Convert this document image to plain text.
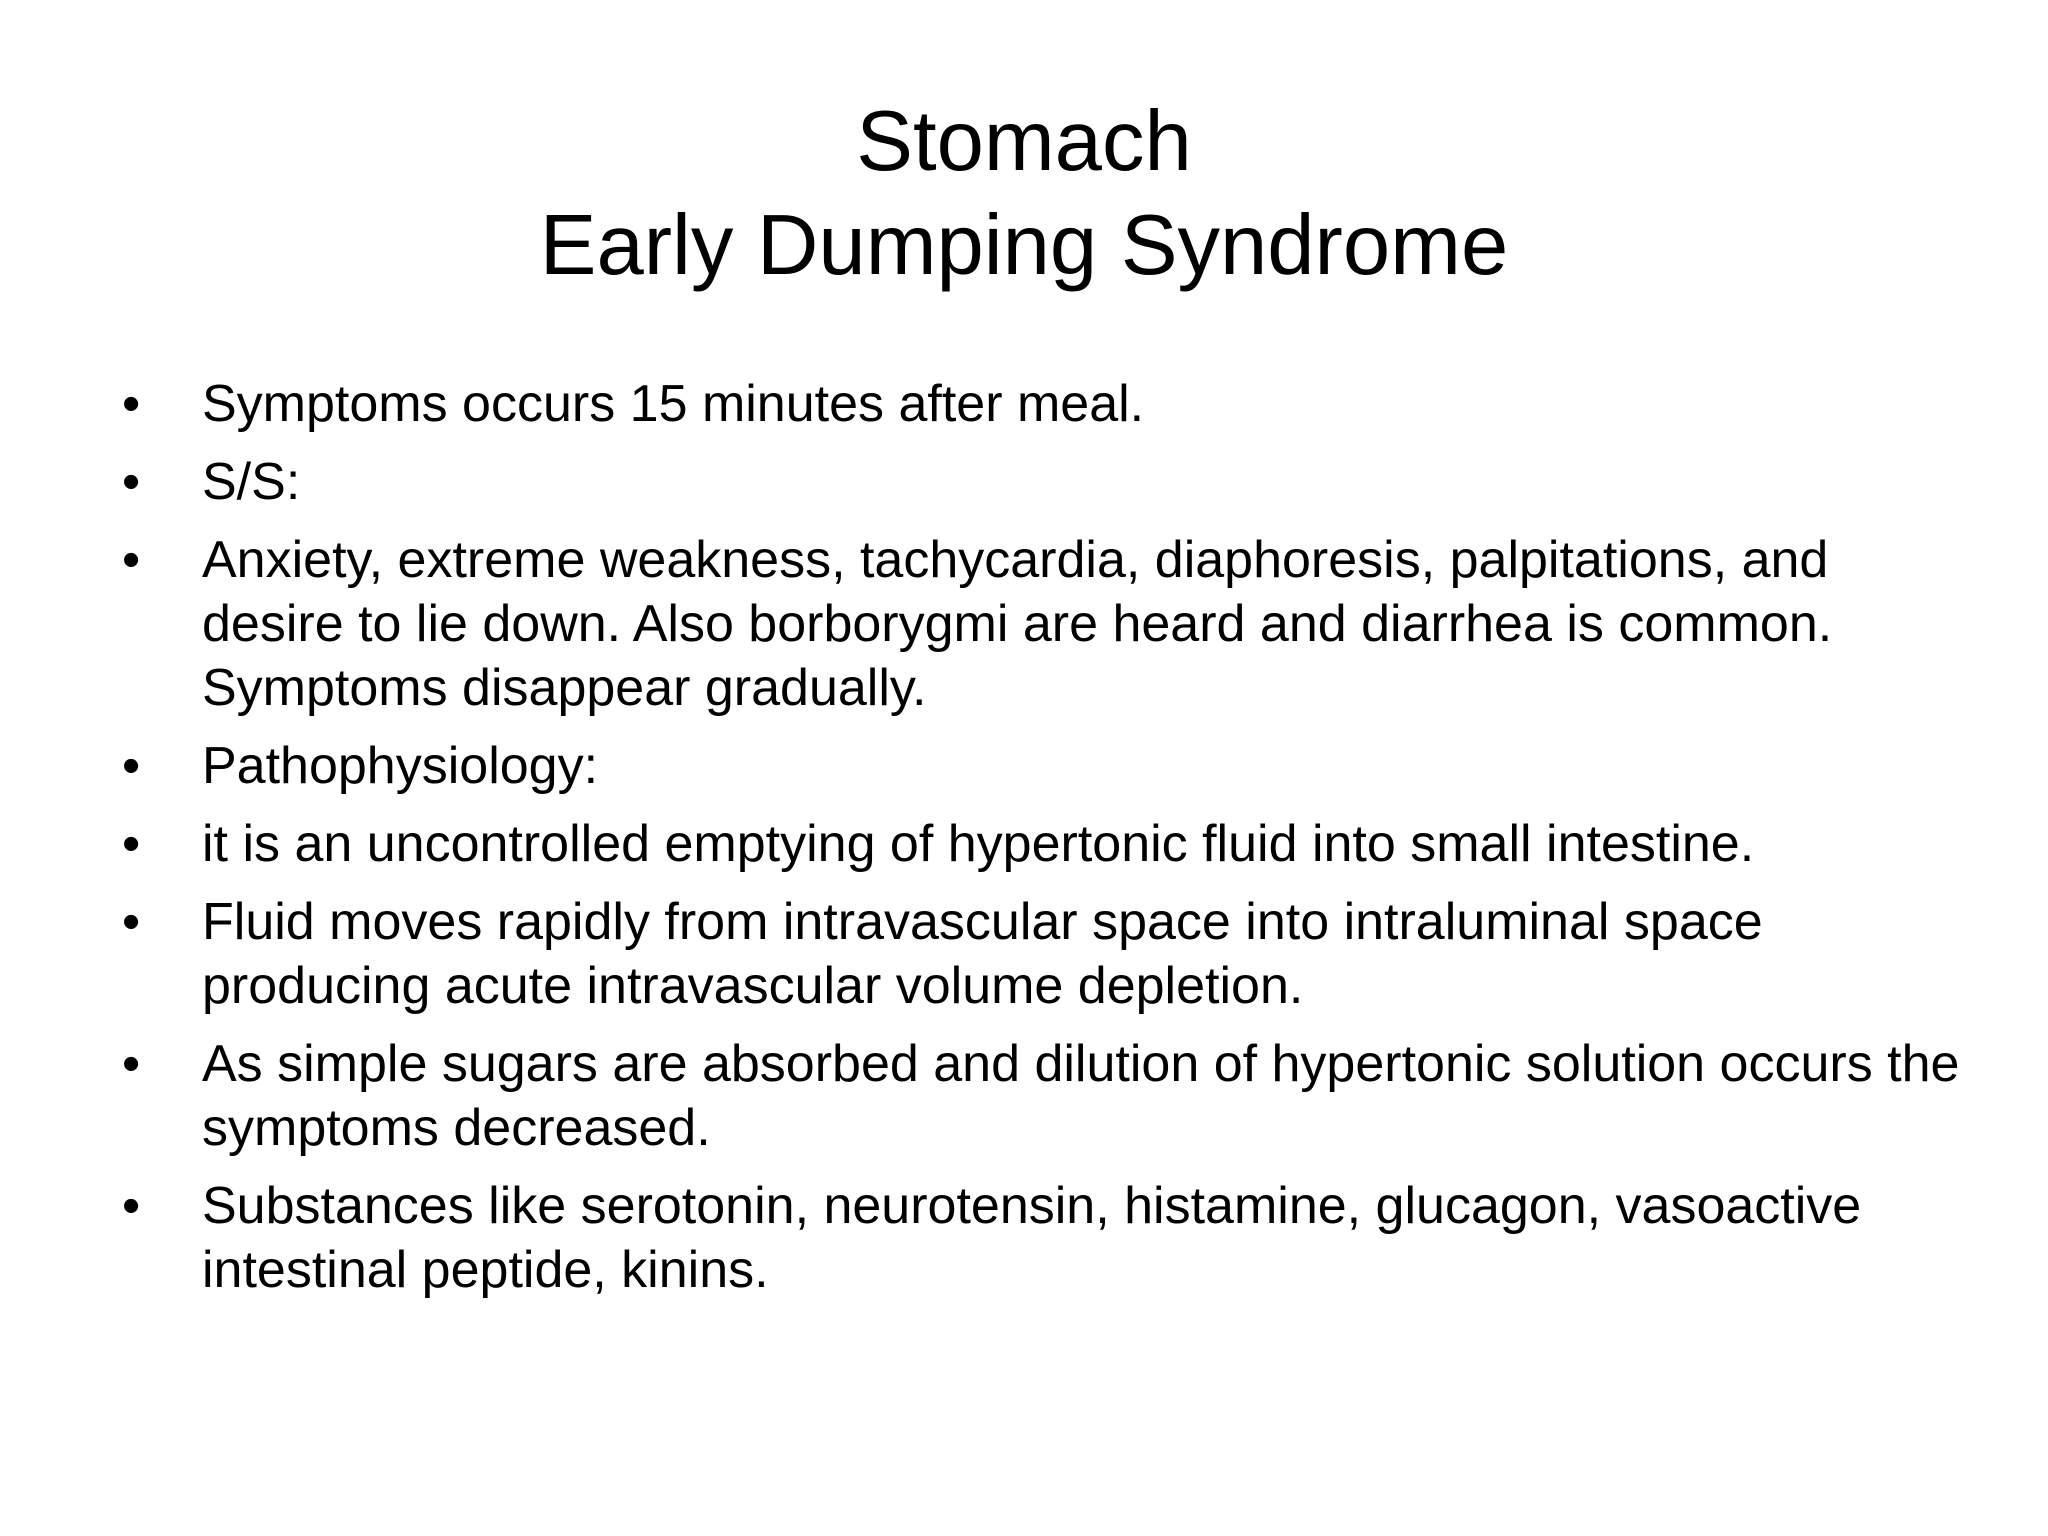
Stomach
Early Dumping Syndrome
• Symptoms occurs 15 minutes after meal.
• S/S:
• Anxiety, extreme weakness, tachycardia, diaphoresis, palpitations, and desire to lie down. Also borborygmi are heard and diarrhea is common. Symptoms disappear gradually.
• Pathophysiology:
• it is an uncontrolled emptying of hypertonic fluid into small intestine.
• Fluid moves rapidly from intravascular space into intraluminal space producing acute intravascular volume depletion.
• As simple sugars are absorbed and dilution of hypertonic solution occurs the symptoms decreased.
• Substances like serotonin, neurotensin, histamine, glucagon, vasoactive intestinal peptide, kinins.
